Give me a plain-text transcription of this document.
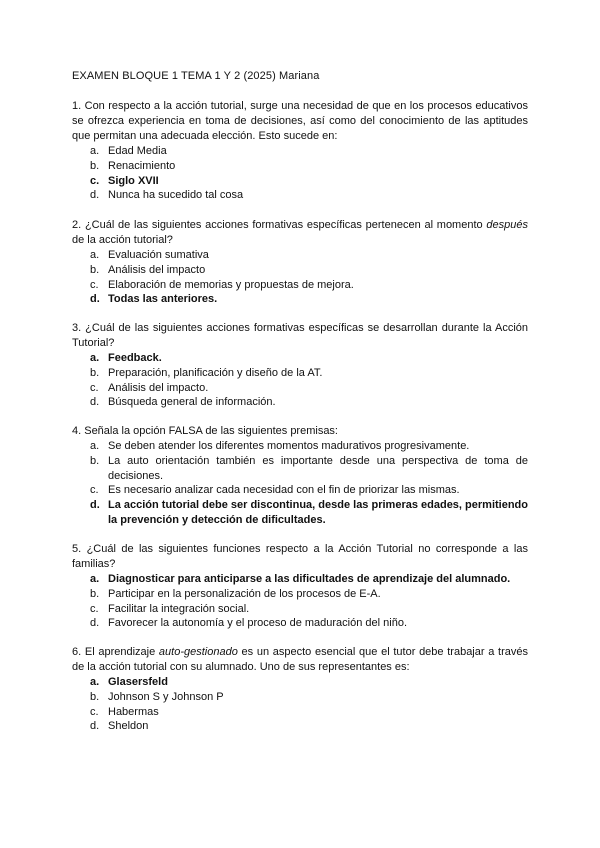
EXAMEN BLOQUE 1 TEMA 1 Y 2 (2025) Mariana
1. Con respecto a la acción tutorial, surge una necesidad de que en los procesos educativos se ofrezca experiencia en toma de decisiones, así como del conocimiento de las aptitudes que permitan una adecuada elección. Esto sucede en:
a. Edad Media
b. Renacimiento
c. Siglo XVII
d. Nunca ha sucedido tal cosa
2. ¿Cuál de las siguientes acciones formativas específicas pertenecen al momento después de la acción tutorial?
a. Evaluación sumativa
b. Análisis del impacto
c. Elaboración de memorias y propuestas de mejora.
d. Todas las anteriores.
3. ¿Cuál de las siguientes acciones formativas específicas se desarrollan durante la Acción Tutorial?
a. Feedback.
b. Preparación, planificación y diseño de la AT.
c. Análisis del impacto.
d. Búsqueda general de información.
4. Señala la opción FALSA de las siguientes premisas:
a. Se deben atender los diferentes momentos madurativos progresivamente.
b. La auto orientación también es importante desde una perspectiva de toma de decisiones.
c. Es necesario analizar cada necesidad con el fin de priorizar las mismas.
d. La acción tutorial debe ser discontinua, desde las primeras edades, permitiendo la prevención y detección de dificultades.
5. ¿Cuál de las siguientes funciones respecto a la Acción Tutorial no corresponde a las familias?
a. Diagnosticar para anticiparse a las dificultades de aprendizaje del alumnado.
b. Participar en la personalización de los procesos de E-A.
c. Facilitar la integración social.
d. Favorecer la autonomía y el proceso de maduración del niño.
6. El aprendizaje auto-gestionado es un aspecto esencial que el tutor debe trabajar a través de la acción tutorial con su alumnado. Uno de sus representantes es:
a. Glasersfeld
b. Johnson S y Johnson P
c. Habermas
d. Sheldon
